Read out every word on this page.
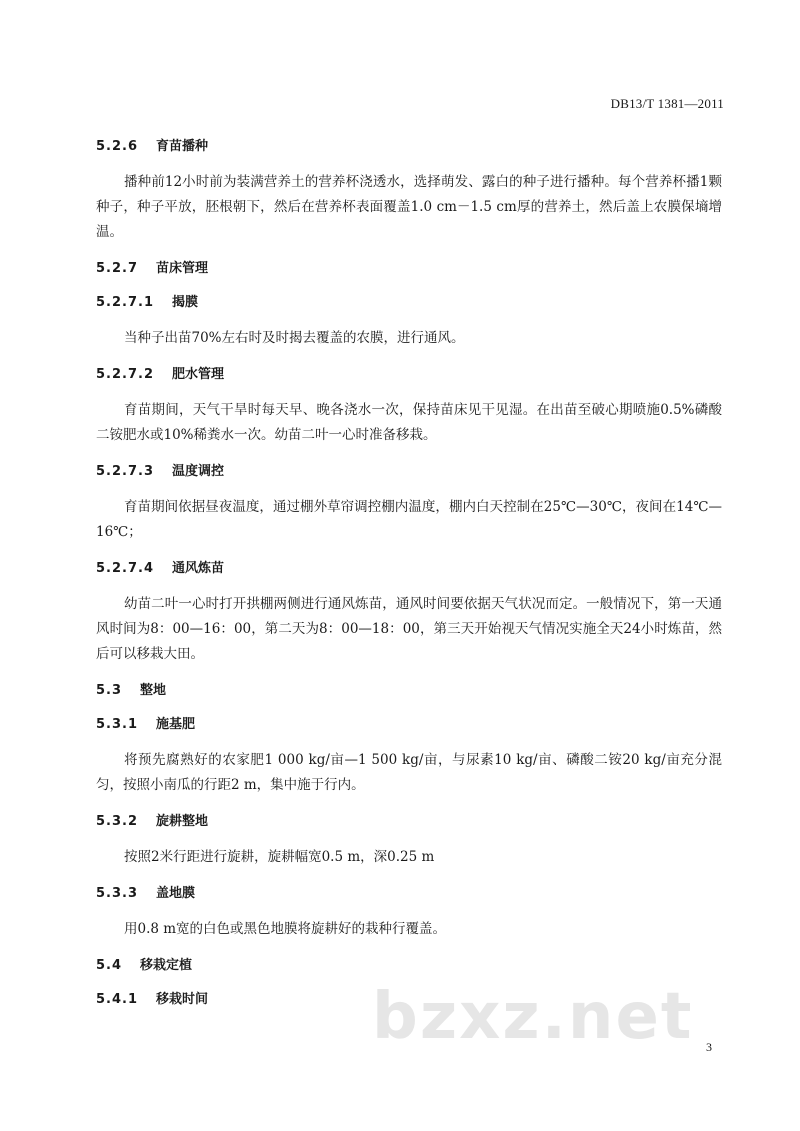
DB13/T 1381—2011
5.2.6 育苗播种

播种前12小时前为装满营养土的营养杯浇透水，选择萌发、露白的种子进行播种。每个营养杯播1颗种子，种子平放，胚根朝下，然后在营养杯表面覆盖1.0 cm－1.5 cm厚的营养土，然后盖上农膜保墒增温。

5.2.7 苗床管理
5.2.7.1 揭膜

当种子出苗70%左右时及时揭去覆盖的农膜，进行通风。

5.2.7.2 肥水管理

育苗期间，天气干旱时每天早、晚各浇水一次，保持苗床见干见湿。在出苗至破心期喷施0.5%磷酸二铵肥水或10%稀粪水一次。幼苗二叶一心时准备移栽。

5.2.7.3 温度调控

育苗期间依据昼夜温度，通过棚外草帘调控棚内温度，棚内白天控制在25℃—30℃，夜间在14℃—16℃；

5.2.7.4 通风炼苗

幼苗二叶一心时打开拱棚两侧进行通风炼苗，通风时间要依据天气状况而定。一般情况下，第一天通风时间为8：00—16：00，第二天为8：00—18：00，第三天开始视天气情况实施全天24小时炼苗，然后可以移栽大田。

5.3 整地
5.3.1 施基肥

将预先腐熟好的农家肥1 000 kg/亩—1 500 kg/亩，与尿素10 kg/亩、磷酸二铵20 kg/亩充分混匀，按照小南瓜的行距2 m，集中施于行内。

5.3.2 旋耕整地

按照2米行距进行旋耕，旋耕幅宽0.5 m，深0.25 m

5.3.3 盖地膜

用0.8 m宽的白色或黑色地膜将旋耕好的栽种行覆盖。

5.4 移栽定植
5.4.1 移栽时间	bzxz.net 3
